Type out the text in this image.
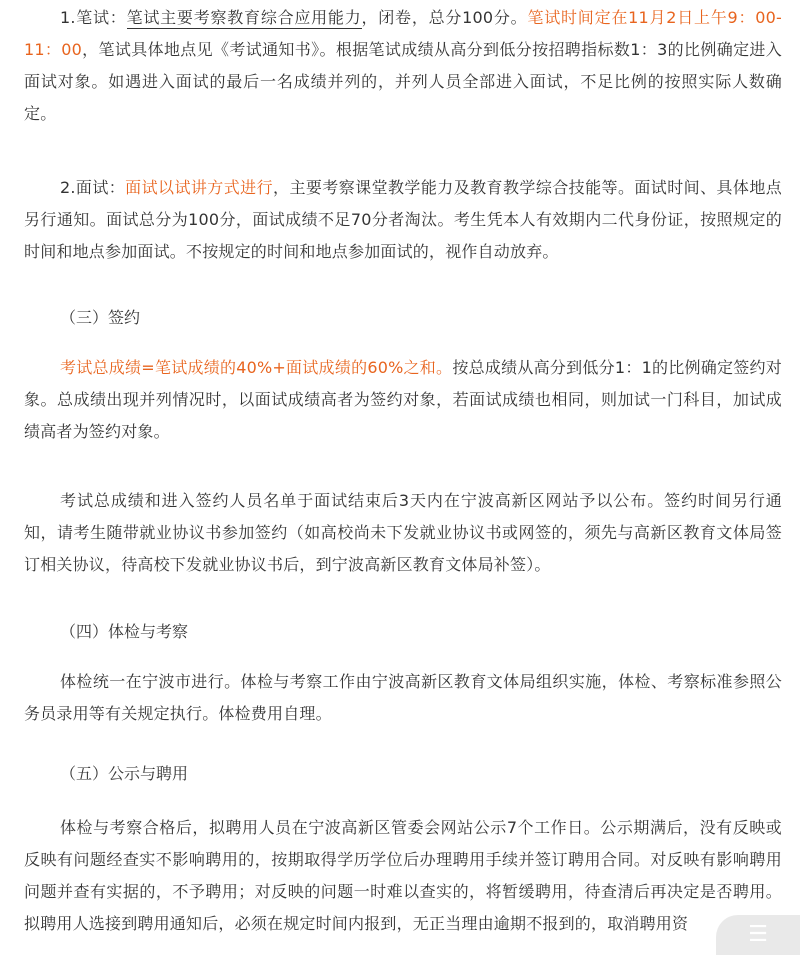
1.笔试：笔试主要考察教育综合应用能力，闭卷，总分100分。笔试时间定在11月2日上午9：00-11：00，笔试具体地点见《考试通知书》。根据笔试成绩从高分到低分按招聘指标数1：3的比例确定进入面试对象。如遇进入面试的最后一名成绩并列的，并列人员全部进入面试，不足比例的按照实际人数确定。

2.面试：面试以试讲方式进行，主要考察课堂教学能力及教育教学综合技能等。面试时间、具体地点另行通知。面试总分为100分，面试成绩不足70分者淘汰。考生凭本人有效期内二代身份证，按照规定的时间和地点参加面试。不按规定的时间和地点参加面试的，视作自动放弃。

（三）签约

考试总成绩=笔试成绩的40%+面试成绩的60%之和。按总成绩从高分到低分1：1的比例确定签约对象。总成绩出现并列情况时，以面试成绩高者为签约对象，若面试成绩也相同，则加试一门科目，加试成绩高者为签约对象。

考试总成绩和进入签约人员名单于面试结束后3天内在宁波高新区网站予以公布。签约时间另行通知，请考生随带就业协议书参加签约（如高校尚未下发就业协议书或网签的，须先与高新区教育文体局签订相关协议，待高校下发就业协议书后，到宁波高新区教育文体局补签）。

（四）体检与考察

体检统一在宁波市进行。体检与考察工作由宁波高新区教育文体局组织实施，体检、考察标准参照公务员录用等有关规定执行。体检费用自理。

（五）公示与聘用

体检与考察合格后，拟聘用人员在宁波高新区管委会网站公示7个工作日。公示期满后，没有反映或反映有问题经查实不影响聘用的，按期取得学历学位后办理聘用手续并签订聘用合同。对反映有影响聘用问题并查有实据的，不予聘用；对反映的问题一时难以查实的，将暂缓聘用，待查清后再决定是否聘用。拟聘用人选接到聘用通知后，必须在规定时间内报到，无正当理由逾期不报到的，取消聘用资	☰
